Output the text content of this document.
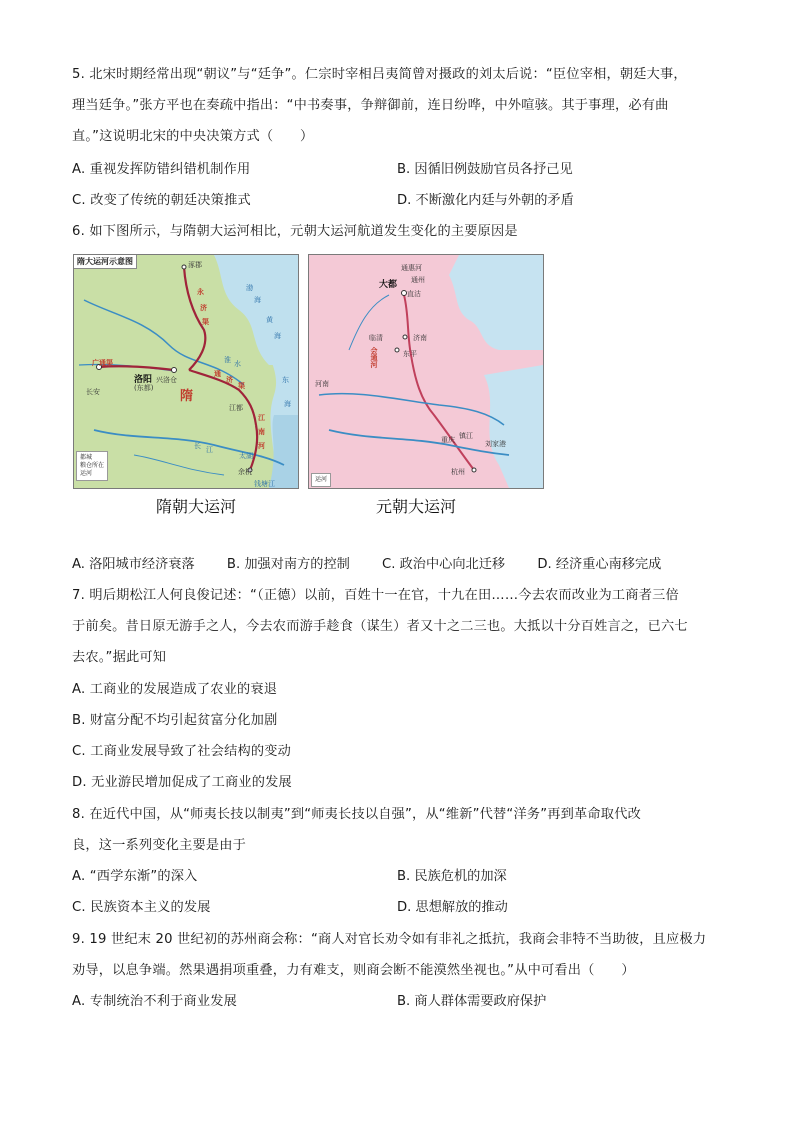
5. 北宋时期经常出现“朝议”与“廷争”。仁宗时宰相吕夷简曾对摄政的刘太后说：“臣位宰相，朝廷大事，
理当廷争。”张方平也在奏疏中指出：“中书奏事，争辩御前，连日纷哗，中外喧骇。其于事理，必有曲
直。”这说明北宋的中央决策方式（　　）
A. 重视发挥防错纠错机制作用	B. 因循旧例鼓励官员各抒己见
C. 改变了传统的朝廷决策推式	D. 不断激化内廷与外朝的矛盾
6. 如下图所示，与隋朝大运河相比，元朝大运河航道发生变化的主要原因是
隋大运河示意图	涿郡
永
济
渠
通
济
渠
广通渠
洛阳
(东都)
兴洛仓
长安	隋
江都
江
南
河
余杭
黄
海
东
海
渤
海
淮 水
长 江
太湖
钱塘江
都城
粮仓所在
运河
隋朝大运河
通惠河
通州
大都
直沽
临清	济南
东平
会通河
河南
镇江
重庆	刘家港
杭州
运河
元朝大运河
A. 洛阳城市经济衰落 B. 加强对南方的控制 C. 政治中心向北迁移 D. 经济重心南移完成
7. 明后期松江人何良俊记述：“（正德）以前，百姓十一在官，十九在田……今去农而改业为工商者三倍
于前矣。昔日原无游手之人，今去农而游手趁食（谋生）者又十之二三也。大抵以十分百姓言之，已六七
去农。”据此可知
A. 工商业的发展造成了农业的衰退
B. 财富分配不均引起贫富分化加剧
C. 工商业发展导致了社会结构的变动
D. 无业游民增加促成了工商业的发展
8. 在近代中国，从“师夷长技以制夷”到“师夷长技以自强”，从“维新”代替“洋务”再到革命取代改
良，这一系列变化主要是由于
A. “西学东渐”的深入	B. 民族危机的加深
C. 民族资本主义的发展	D. 思想解放的推动
9. 19 世纪末 20 世纪初的苏州商会称：“商人对官长劝令如有非礼之抵抗，我商会非特不当助彼，且应极力
劝导，以息争端。然果遇捐项重叠，力有难支，则商会断不能漠然坐视也。”从中可看出（　　）
A. 专制统治不利于商业发展	B. 商人群体需要政府保护
